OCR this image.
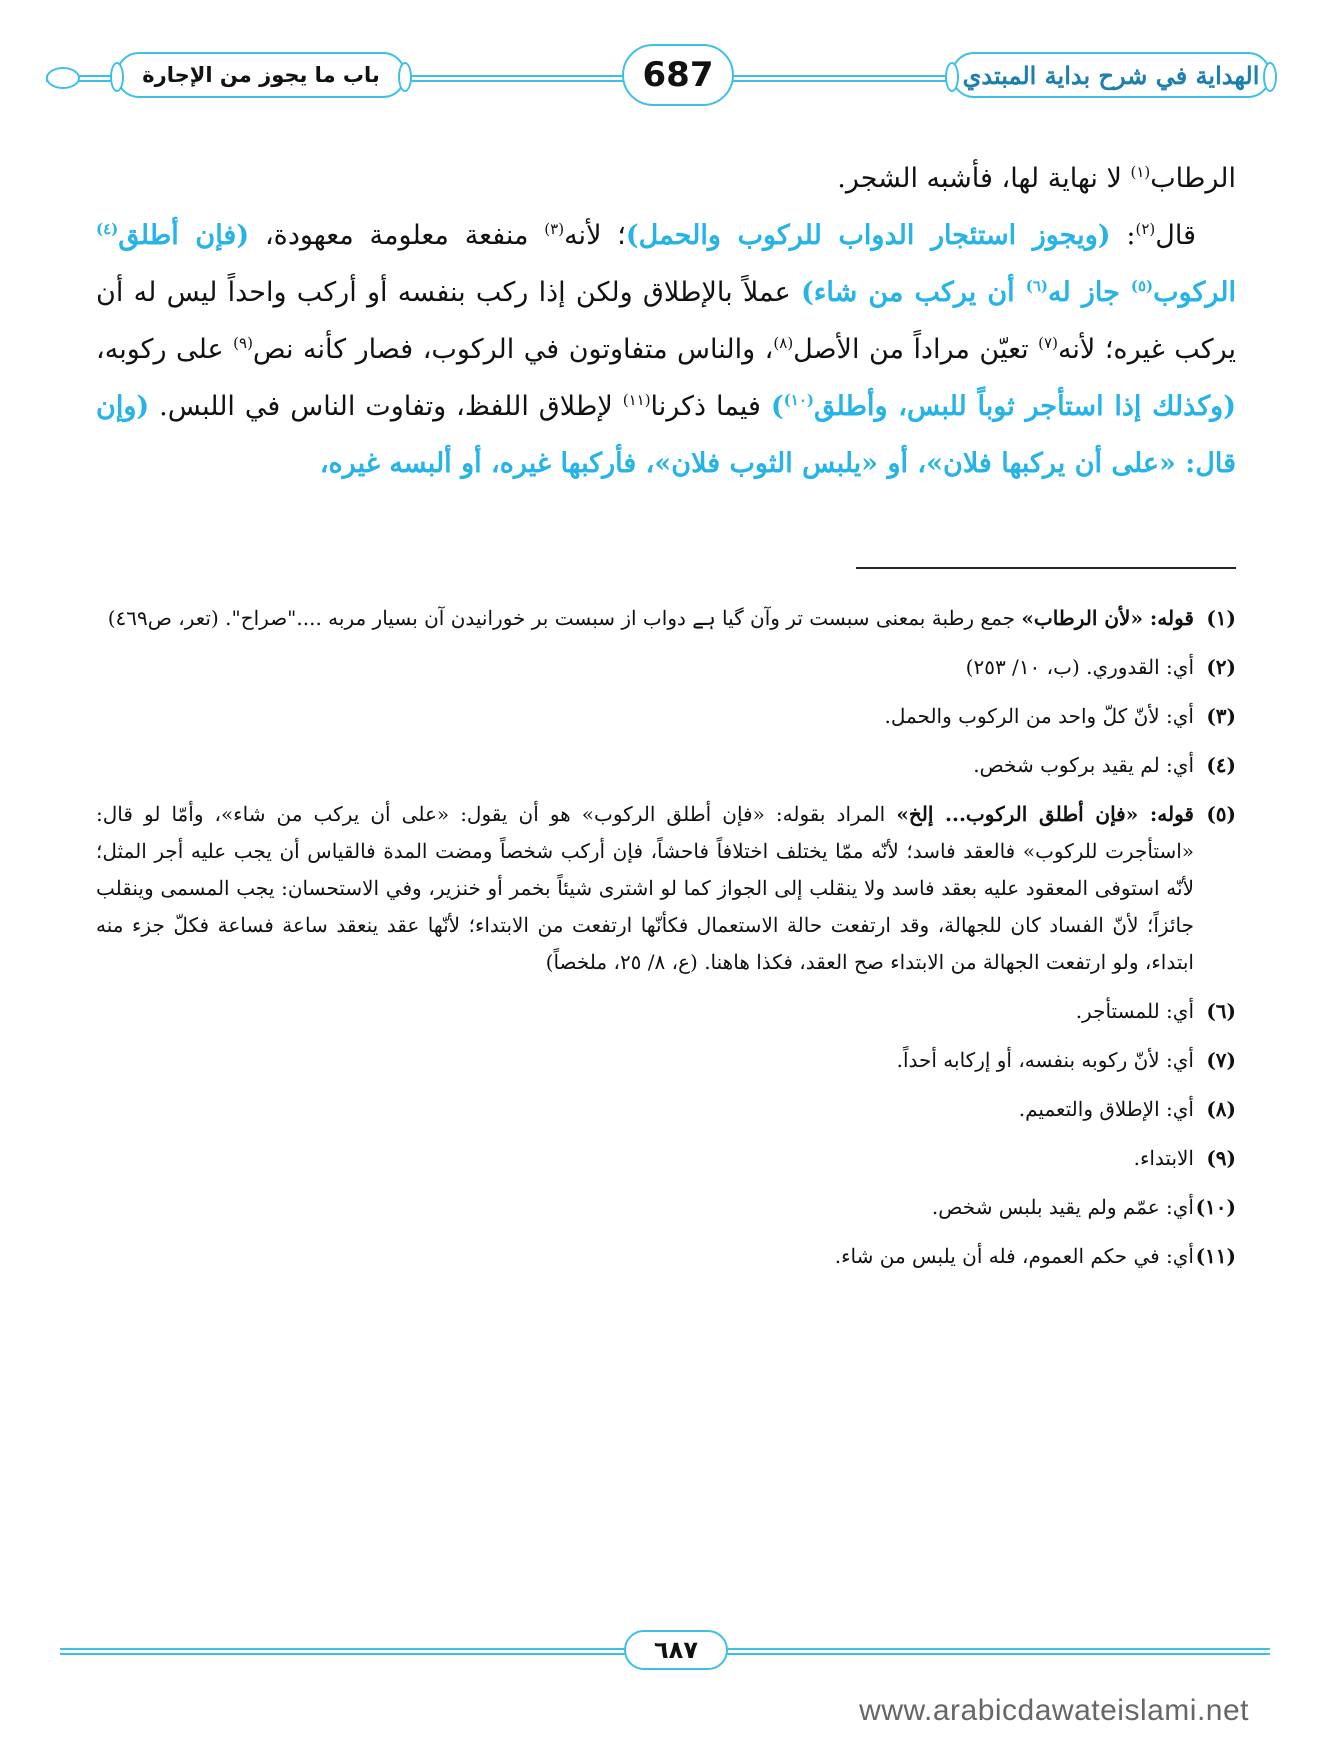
باب ما يجوز من الإجارة	687	الهداية في شرح بداية المبتدي

الرطاب$^{(١)}$ لا نهاية لها، فأشبه الشجر.

قال$^{(٢)}$: (ويجوز استئجار الدواب للركوب والحمل)؛ لأنه$^{(٣)}$ منفعة معلومة معهودة، (فإن أطلق$^{(٤)}$ الركوب$^{(٥)}$ جاز له$^{(٦)}$ أن يركب من شاء) عملاً بالإطلاق ولكن إذا ركب بنفسه أو أركب واحداً ليس له أن يركب غيره؛ لأنه$^{(٧)}$ تعيّن مراداً من الأصل$^{(٨)}$، والناس متفاوتون في الركوب، فصار كأنه نص$^{(٩)}$ على ركوبه، (وكذلك إذا استأجر ثوباً للبس، وأطلق$^{(١٠)}$) فيما ذكرنا$^{(١١)}$ لإطلاق اللفظ، وتفاوت الناس في اللبس. (وإن قال: «على أن يركبها فلان»، أو «يلبس الثوب فلان»، فأركبها غيره، أو ألبسه غيره،

(١)
قوله: «لأن الرطاب» جمع رطبة بمعنى سبست تر وآن گيا ہے دواب از سبست بر خورانيدن آن بسيار مربه ...."صراح". (تعر، ص٤٦٩)
(٢)
أي: القدوري. (ب، ١٠/ ٢٥٣)
(٣)
أي: لأنّ كلّ واحد من الركوب والحمل.
(٤)
أي: لم يقيد بركوب شخص.
(٥)
قوله: «فإن أطلق الركوب... إلخ» المراد بقوله: «فإن أطلق الركوب» هو أن يقول: «على أن يركب من شاء»، وأمّا لو قال: «استأجرت للركوب» فالعقد فاسد؛ لأنّه ممّا يختلف اختلافاً فاحشاً، فإن أركب شخصاً ومضت المدة فالقياس أن يجب عليه أجر المثل؛ لأنّه استوفى المعقود عليه بعقد فاسد ولا ينقلب إلى الجواز كما لو اشترى شيئاً بخمر أو خنزير، وفي الاستحسان: يجب المسمى وينقلب جائزاً؛ لأنّ الفساد كان للجهالة، وقد ارتفعت حالة الاستعمال فكأنّها ارتفعت من الابتداء؛ لأنّها عقد ينعقد ساعة فساعة فكلّ جزء منه ابتداء، ولو ارتفعت الجهالة من الابتداء صح العقد، فكذا هاهنا. (ع، ٨/ ٢٥، ملخصاً)
(٦)
أي: للمستأجر.
(٧)
أي: لأنّ ركوبه بنفسه، أو إركابه أحداً.
(٨)
أي: الإطلاق والتعميم.
(٩)
الابتداء.
(١٠)
أي: عمّم ولم يقيد بلبس شخص.
(١١)
أي: في حكم العموم، فله أن يلبس من شاء.
٦٨٧
www.arabicdawateislami.net
